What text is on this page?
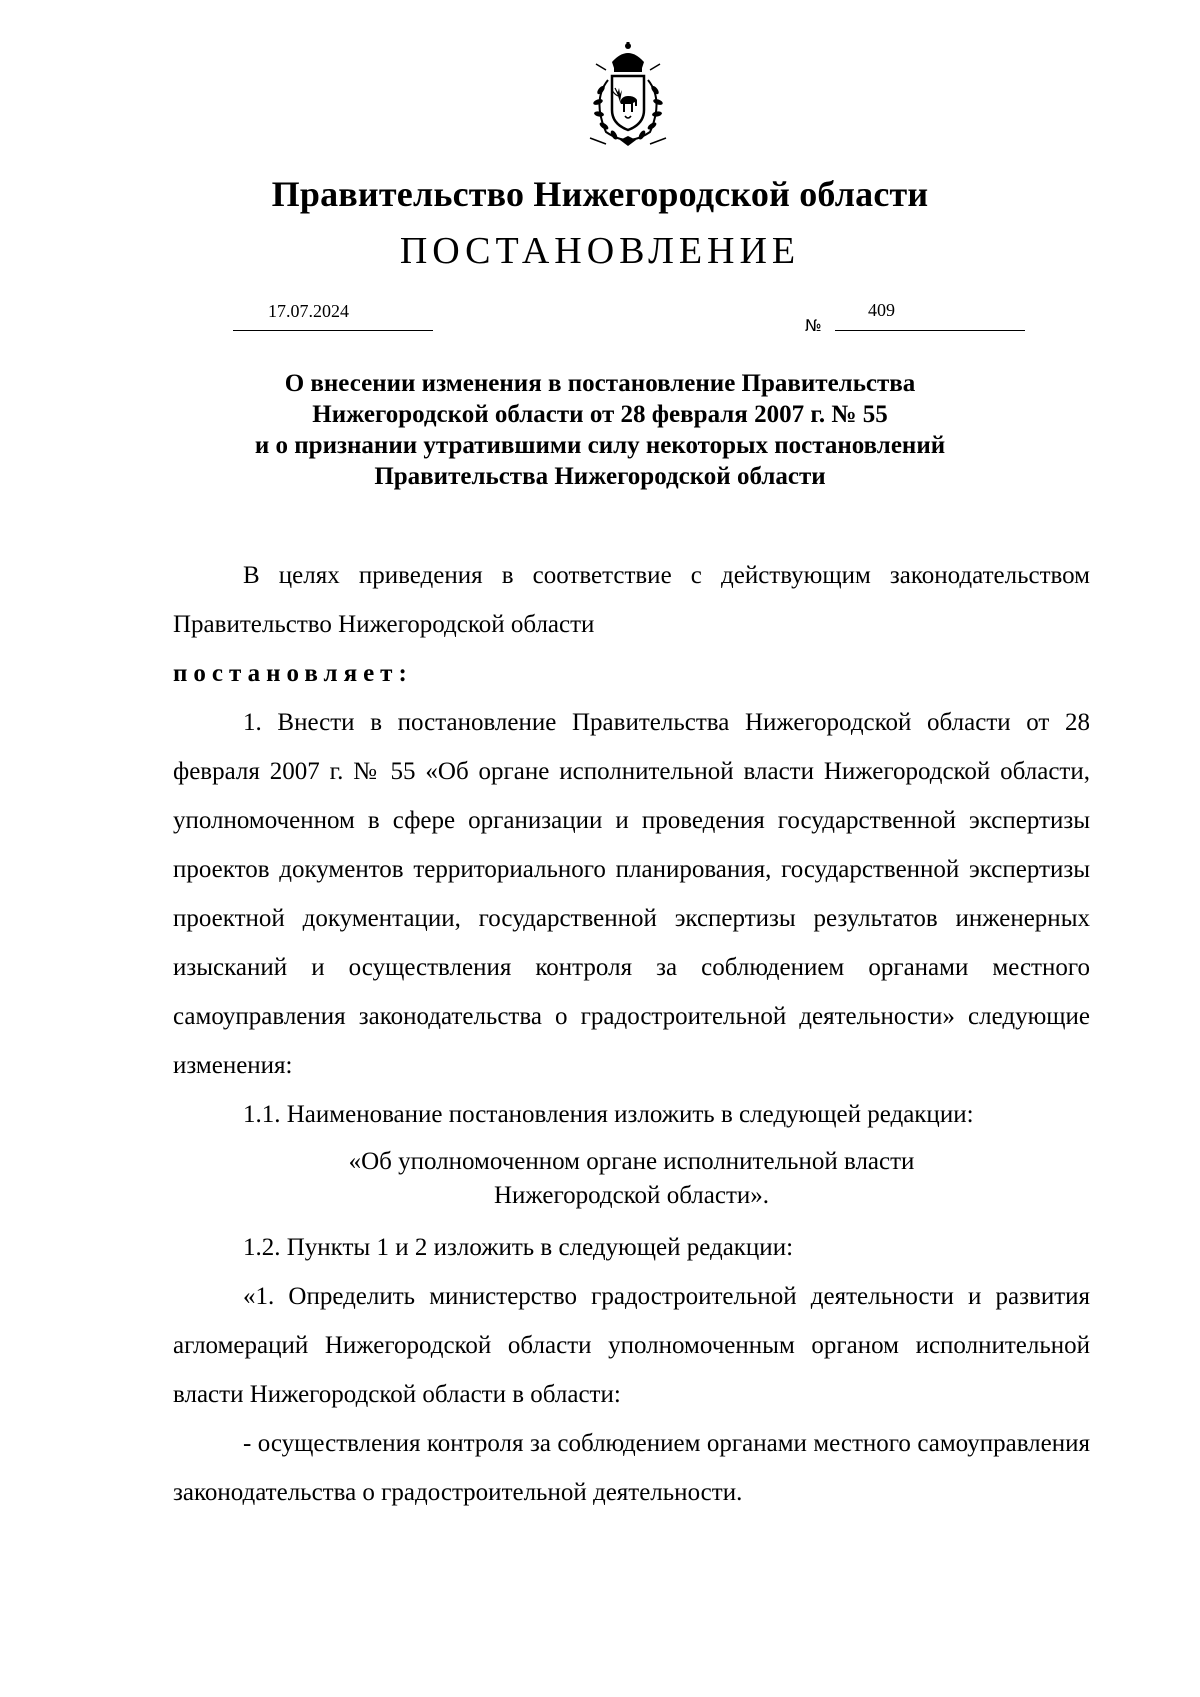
Правительство Нижегородской области
ПОСТАНОВЛЕНИЕ
17.07.2024
№
409
О внесении изменения в постановление Правительства
Нижегородской области от 28 февраля 2007 г. № 55
и о признании утратившими силу некоторых постановлений
Правительства Нижегородской области

В целях приведения в соответствие с действующим законодательством Правительство Нижегородской области

постановляет:

1. Внести в постановление Правительства Нижегородской области от 28 февраля 2007 г. № 55 «Об органе исполнительной власти Нижегородской области, уполномоченном в сфере организации и проведения государственной экспертизы проектов документов территориального планирования, государственной экспертизы проектной документации, государственной экспертизы результатов инженерных изысканий и осуществления контроля за соблюдением органами местного самоуправления законодательства о градостроительной деятельности» следующие изменения:

1.1. Наименование постановления изложить в следующей редакции:

«Об уполномоченном органе исполнительной власти
Нижегородской области».

1.2. Пункты 1 и 2 изложить в следующей редакции:

«1. Определить министерство градостроительной деятельности и развития агломераций Нижегородской области уполномоченным органом исполнительной власти Нижегородской области в области:

- осуществления контроля за соблюдением органами местного самоуправления законодательства о градостроительной деятельности.
